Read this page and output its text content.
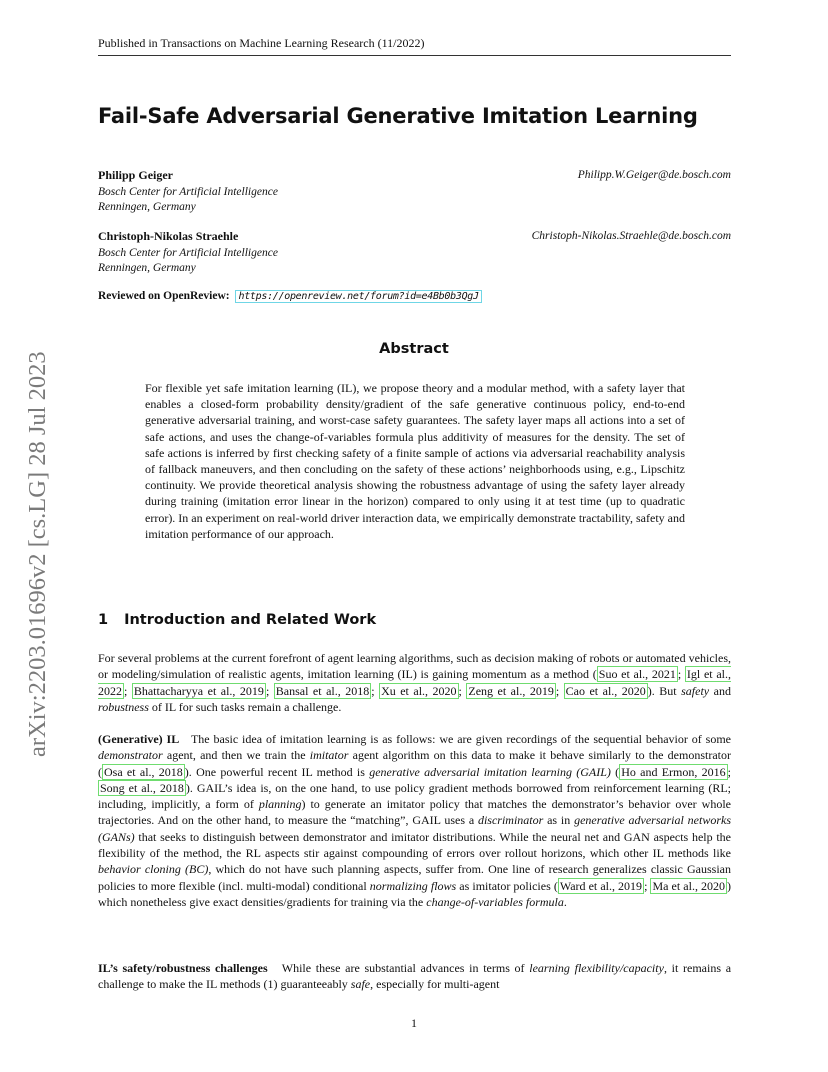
Published in Transactions on Machine Learning Research (11/2022)
Fail-Safe Adversarial Generative Imitation Learning
Philipp Geiger
Bosch Center for Artificial Intelligence
Renningen, Germany
Philipp.W.Geiger@de.bosch.com
Christoph-Nikolas Straehle
Bosch Center for Artificial Intelligence
Renningen, Germany
Christoph-Nikolas.Straehle@de.bosch.com
Reviewed on OpenReview: https://openreview.net/forum?id=e4Bb0b3QgJ
Abstract
For flexible yet safe imitation learning (IL), we propose theory and a modular method, with a safety layer that enables a closed-form probability density/gradient of the safe generative continuous policy, end-to-end generative adversarial training, and worst-case safety guarantees. The safety layer maps all actions into a set of safe actions, and uses the change-of-variables formula plus additivity of measures for the density. The set of safe actions is inferred by first checking safety of a finite sample of actions via adversarial reachability analysis of fallback maneuvers, and then concluding on the safety of these actions’ neighborhoods using, e.g., Lipschitz continuity. We provide theoretical analysis showing the robustness advantage of using the safety layer already during training (imitation error linear in the horizon) compared to only using it at test time (up to quadratic error). In an experiment on real-world driver interaction data, we empirically demonstrate tractability, safety and imitation performance of our approach.
1 Introduction and Related Work
For several problems at the current forefront of agent learning algorithms, such as decision making of robots or automated vehicles, or modeling/simulation of realistic agents, imitation learning (IL) is gaining momentum as a method ( Suo et al., 2021 ; Igl et al., 2022 ; Bhattacharyya et al., 2019 ; Bansal et al., 2018 ; Xu et al., 2020 ; Zeng et al., 2019 ; Cao et al., 2020 ). But safety and robustness of IL for such tasks remain a challenge.
(Generative) IL The basic idea of imitation learning is as follows: we are given recordings of the sequential behavior of some demonstrator agent, and then we train the imitator agent algorithm on this data to make it behave similarly to the demonstrator ( Osa et al., 2018 ). One powerful recent IL method is generative adversarial imitation learning (GAIL) ( Ho and Ermon, 2016 ; Song et al., 2018 ). GAIL’s idea is, on the one hand, to use policy gradient methods borrowed from reinforcement learning (RL; including, implicitly, a form of planning) to generate an imitator policy that matches the demonstrator’s behavior over whole trajectories. And on the other hand, to measure the “matching”, GAIL uses a discriminator as in generative adversarial networks (GANs) that seeks to distinguish between demonstrator and imitator distributions. While the neural net and GAN aspects help the flexibility of the method, the RL aspects stir against compounding of errors over rollout horizons, which other IL methods like behavior cloning (BC), which do not have such planning aspects, suffer from. One line of research generalizes classic Gaussian policies to more flexible (incl. multi-modal) conditional normalizing flows as imitator policies ( Ward et al., 2019 ; Ma et al., 2020 ) which nonetheless give exact densities/gradients for training via the change-of-variables formula.
IL’s safety/robustness challenges While these are substantial advances in terms of learning flexibility/capacity, it remains a challenge to make the IL methods (1) guaranteeably safe, especially for multi-agent
arXiv:2203.01696v2 [cs.LG] 28 Jul 2023
1
